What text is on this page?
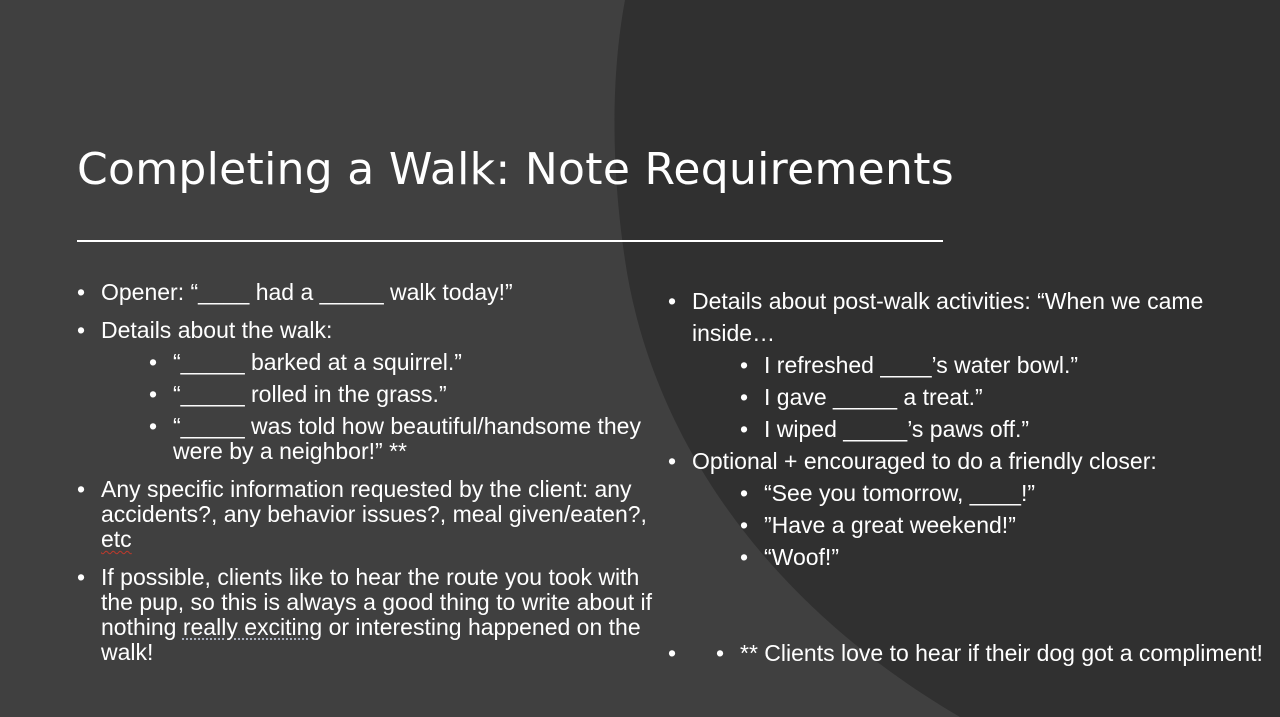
Completing a Walk: Note Requirements
• Opener: “____ had a _____ walk today!”
• Details about the walk:
• “_____ barked at a squirrel.”
• “_____ rolled in the grass.”
• “_____ was told how beautiful/handsome they were by a neighbor!” **
• Any specific information requested by the client: any accidents?, any behavior issues?, meal given/eaten?, etc
• If possible, clients like to hear the route you took with the pup, so this is always a good thing to write about if nothing really exciting or interesting happened on the walk!
• Details about post-walk activities: “When we came inside…
• I refreshed ____’s water bowl.”
• I gave _____ a treat.”
• I wiped _____’s paws off.”
• Optional + encouraged to do a friendly closer:
• “See you tomorrow, ____!”
• ”Have a great weekend!”
• “Woof!”
• • ** Clients love to hear if their dog got a compliment!
